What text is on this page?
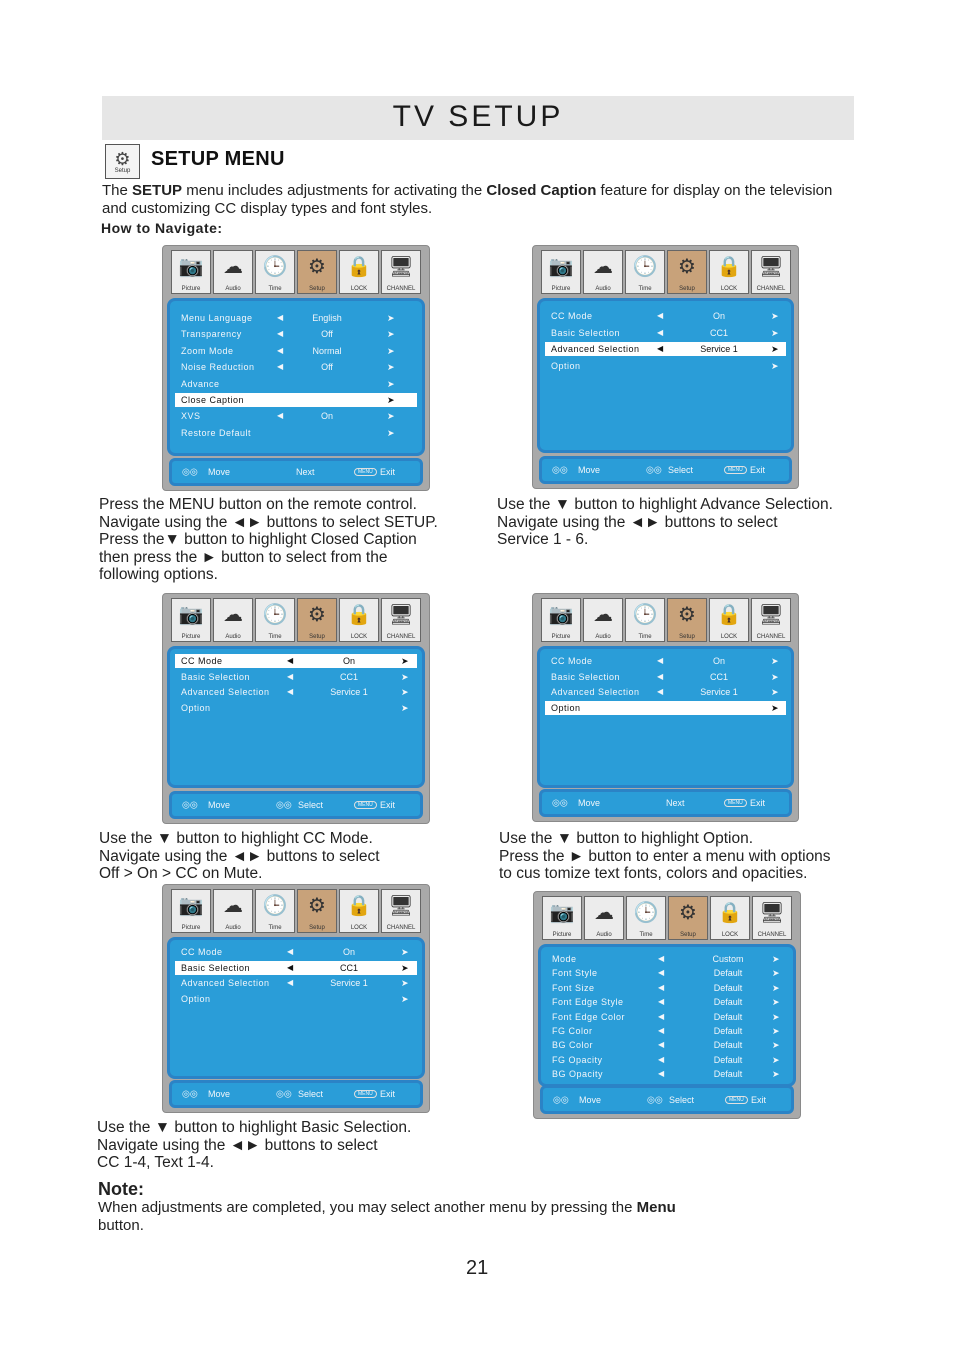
TV SETUP
⚙
Setup
SETUP MENU
The SETUP menu includes adjustments for activating the Closed Caption feature for display on the television and customizing CC display types and font styles.
How to Navigate:
📷
Picture
☁
Audio
🕒
Time
⚙
Setup
🔒
LOCK
🖥
CHANNEL
Menu Language	◀	English	➤
Transparency	◀	Off	➤
Zoom Mode	◀	Normal	➤
Noise Reduction	◀	Off	➤
Advance	➤
Close Caption	➤
XVS	◀	On	➤
Restore Default	➤
◎◎ Move	Next	MENU Exit
📷
Picture
☁
Audio
🕒
Time
⚙
Setup
🔒
LOCK
🖥
CHANNEL
CC Mode	◀	On	➤
Basic Selection	◀	CC1	➤
Advanced Selection ◀	Service 1	➤
Option	➤
◎◎ Move	◎◎ Select	MENU Exit
📷
Picture
☁
Audio
🕒
Time
⚙
Setup
🔒
LOCK
🖥
CHANNEL
CC Mode	◀	On	➤
Basic Selection	◀	CC1	➤
Advanced Selection ◀	Service 1	➤
Option	➤
◎◎ Move	◎◎ Select	MENU Exit
📷
Picture
☁
Audio
🕒
Time
⚙
Setup
🔒
LOCK
🖥
CHANNEL
CC Mode	◀	On	➤
Basic Selection	◀	CC1	➤
Advanced Selection ◀	Service 1	➤
Option	➤
◎◎ Move	Next	MENU Exit
📷
Picture
☁
Audio
🕒
Time
⚙
Setup
🔒
LOCK
🖥
CHANNEL
CC Mode	◀	On	➤
Basic Selection	◀	CC1	➤
Advanced Selection ◀	Service 1	➤
Option	➤
◎◎ Move	◎◎ Select	MENU Exit
📷
Picture
☁
Audio
🕒
Time
⚙
Setup
🔒
LOCK
🖥
CHANNEL
Mode	◀	Custom	➤
Font Style	◀	Default	➤
Font Size	◀	Default	➤
Font Edge Style	◀	Default	➤
Font Edge Color	◀	Default	➤
FG Color	◀	Default	➤
BG Color	◀	Default	➤
FG Opacity	◀	Default	➤
BG Opacity	◀	Default	➤
◎◎ Move	◎◎ Select	MENU Exit
Press the MENU button on the remote control.
Navigate using the ◄► buttons to select SETUP.
Press the▼ button to highlight Closed Caption
then press the ► button to select from the
following options.
Use the ▼ button to highlight Advance Selection.
Navigate using the ◄► buttons to select
Service 1 - 6.
Use the ▼ button to highlight CC Mode.
Navigate using the ◄► buttons to select
Off > On > CC on Mute.
Use the ▼ button to highlight Option.
Press the ► button to enter a menu with options
to cus tomize text fonts, colors and opacities.
Use the ▼ button to highlight Basic Selection.
Navigate using the ◄► buttons to select
CC 1-4, Text 1-4.
Note:
When adjustments are completed, you may select another menu by pressing the Menu button.
21
